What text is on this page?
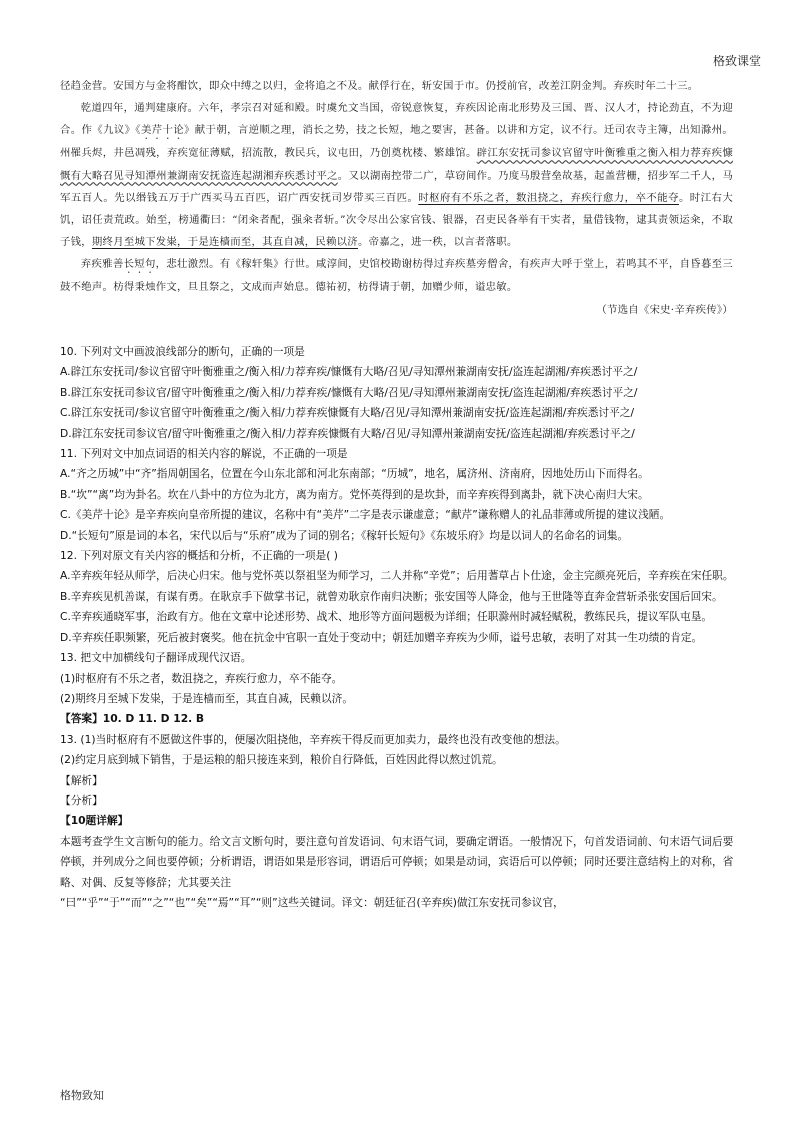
格致课堂

径趋金营。安国方与金将酣饮，即众中缚之以归，金将追之不及。献俘行在，斩安国于市。仍授前官，改差江阴金判。弃疾时年二十三。

乾道四年，通判建康府。六年，孝宗召对延和殿。时虞允文当国，帝锐意恢复，弃疾因论南北形势及三国、晋、汉人才，持论劲直，不为迎合。作《九议》《美芹十论》献于朝，言逆顺之理，消长之势，技之长短，地之要害，甚备。以讲和方定，议不行。迁司农寺主簿，出知滁州。州罹兵烬，井邑凋残，弃疾宽征薄赋，招流散，教民兵，议屯田，乃创奠枕楼、繁雄馆。辟江东安抚司参议官留守叶衡雅重之衡入相力荐弃疾慷慨有大略召见寻知潭州兼湖南安抚盗连起湖湘弃疾悉讨平之。又以湖南控带二广，草窃间作。乃度马殷营垒故基，起盖营栅，招步军二千人，马军五百人。先以缗钱五万于广西买马五百匹，诏广西安抚司岁带买三百匹。时枢府有不乐之者，数沮挠之，弃疾行愈力，卒不能夺。时江右大饥，诏任责荒政。始至，榜通衢曰：“闭籴者配，强籴者斩。”次令尽出公家官钱、银器，召吏民各举有干实者，量借钱物，逮其责领运籴，不取子钱，期终月至城下发粜，于是连樯而至，其直自减，民赖以济。帝嘉之，进一秩，以言者落职。

弃疾雅善长短句，悲壮激烈。有《稼轩集》行世。咸淳间，史馆校勘谢枋得过弃疾墓旁僧舍，有疾声大呼于堂上，若鸣其不平，自昏暮至三鼓不绝声。枋得秉烛作文，旦且祭之，文成而声始息。德祐初，枋得请于朝，加赠少师，谥忠敏。

（节选自《宋史·辛弃疾传》）

10. 下列对文中画波浪线部分的断句，正确的一项是

A.辟江东安抚司/参议官留守叶衡雅重之/衡入相/力荐弃疾/慷慨有大略/召见/寻知潭州兼湖南安抚/盗连起湖湘/弃疾悉讨平之/

B.辟江东安抚司参议官/留守叶衡雅重之/衡入相/力荐弃疾/慷慨有大略/召见/寻知潭州兼湖南安抚/盗连起湖湘/弃疾悉讨平之/

C.辟江东安抚司/参议官留守叶衡雅重之/衡入相/力荐弃疾慷慨有大略/召见/寻知潭州兼湖南安抚/盗连起湖湘/弃疾悉讨平之/

D.辟江东安抚司参议官/留守叶衡雅重之/衡入相/力荐弃疾慷慨有大略/召见/寻知潭州兼湖南安抚/盗连起湖湘/弃疾悉讨平之/

11. 下列对文中加点词语的相关内容的解说，不正确的一项是

A.“齐之历城”中“齐”指周朝国名，位置在今山东北部和河北东南部；“历城”，地名，属济州、济南府，因地处历山下而得名。

B.“坎”“离”均为卦名。坎在八卦中的方位为北方，离为南方。党怀英得到的是坎卦，而辛弃疾得到离卦，就下决心南归大宋。

C.《美芹十论》是辛弃疾向皇帝所提的建议，名称中有“美芹”二字是表示谦虚意；“献芹”谦称赠人的礼品菲薄或所提的建议浅陋。

D.“长短句”原是词的本名，宋代以后与“乐府”成为了词的别名；《稼轩长短句》《东坡乐府》均是以词人的名命名的词集。

12. 下列对原文有关内容的概括和分析，不正确的一项是( )

A.辛弃疾年轻从师学，后决心归宋。他与党怀英以祭祖坚为师学习，二人并称“辛党”；后用蓍草占卜仕途，金主完颜亮死后，辛弃疾在宋任职。

B.辛弃疾见机善谋，有谋有勇。在耿京手下做掌书记，就曾劝耿京作南归决断；张安国等人降金，他与王世隆等直奔金营斩杀张安国后回宋。

C.辛弃疾通晓军事，治政有方。他在文章中论述形势、战术、地形等方面问题极为详细；任职滁州时减轻赋税，教练民兵，提议军队屯垦。

D.辛弃疾任职频繁，死后被封褒奖。他在抗金中官职一直处于变动中；朝廷加赠辛弃疾为少师，谥号忠敏，表明了对其一生功绩的肯定。

13. 把文中加横线句子翻译成现代汉语。

(1)时枢府有不乐之者，数沮挠之，弃疾行愈力，卒不能夺。

(2)期终月至城下发粜，于是连樯而至，其直自减，民赖以济。

【答案】10. D 11. D 12. B

13. (1)当时枢府有不愿做这件事的，便屡次阻挠他，辛弃疾干得反而更加卖力，最终也没有改变他的想法。

(2)约定月底到城下销售，于是运粮的船只接连来到，粮价自行降低，百姓因此得以熬过饥荒。

【解析】

【分析】

【10题详解】

本题考查学生文言断句的能力。给文言文断句时，要注意句首发语词、句末语气词，要确定谓语。一般情况下，句首发语词前、句末语气词后要停顿，并列成分之间也要停顿；分析谓语，谓语如果是形容词，谓语后可停顿；如果是动词，宾语后可以停顿；同时还要注意结构上的对称，省略、对偶、反复等修辞；尤其要关注

“曰”“乎”“于”“而”“之”“也”“矣”“焉”“耳”“则”这些关键词。译文：朝廷征召(辛弃疾)做江东安抚司参议官，

格物致知
